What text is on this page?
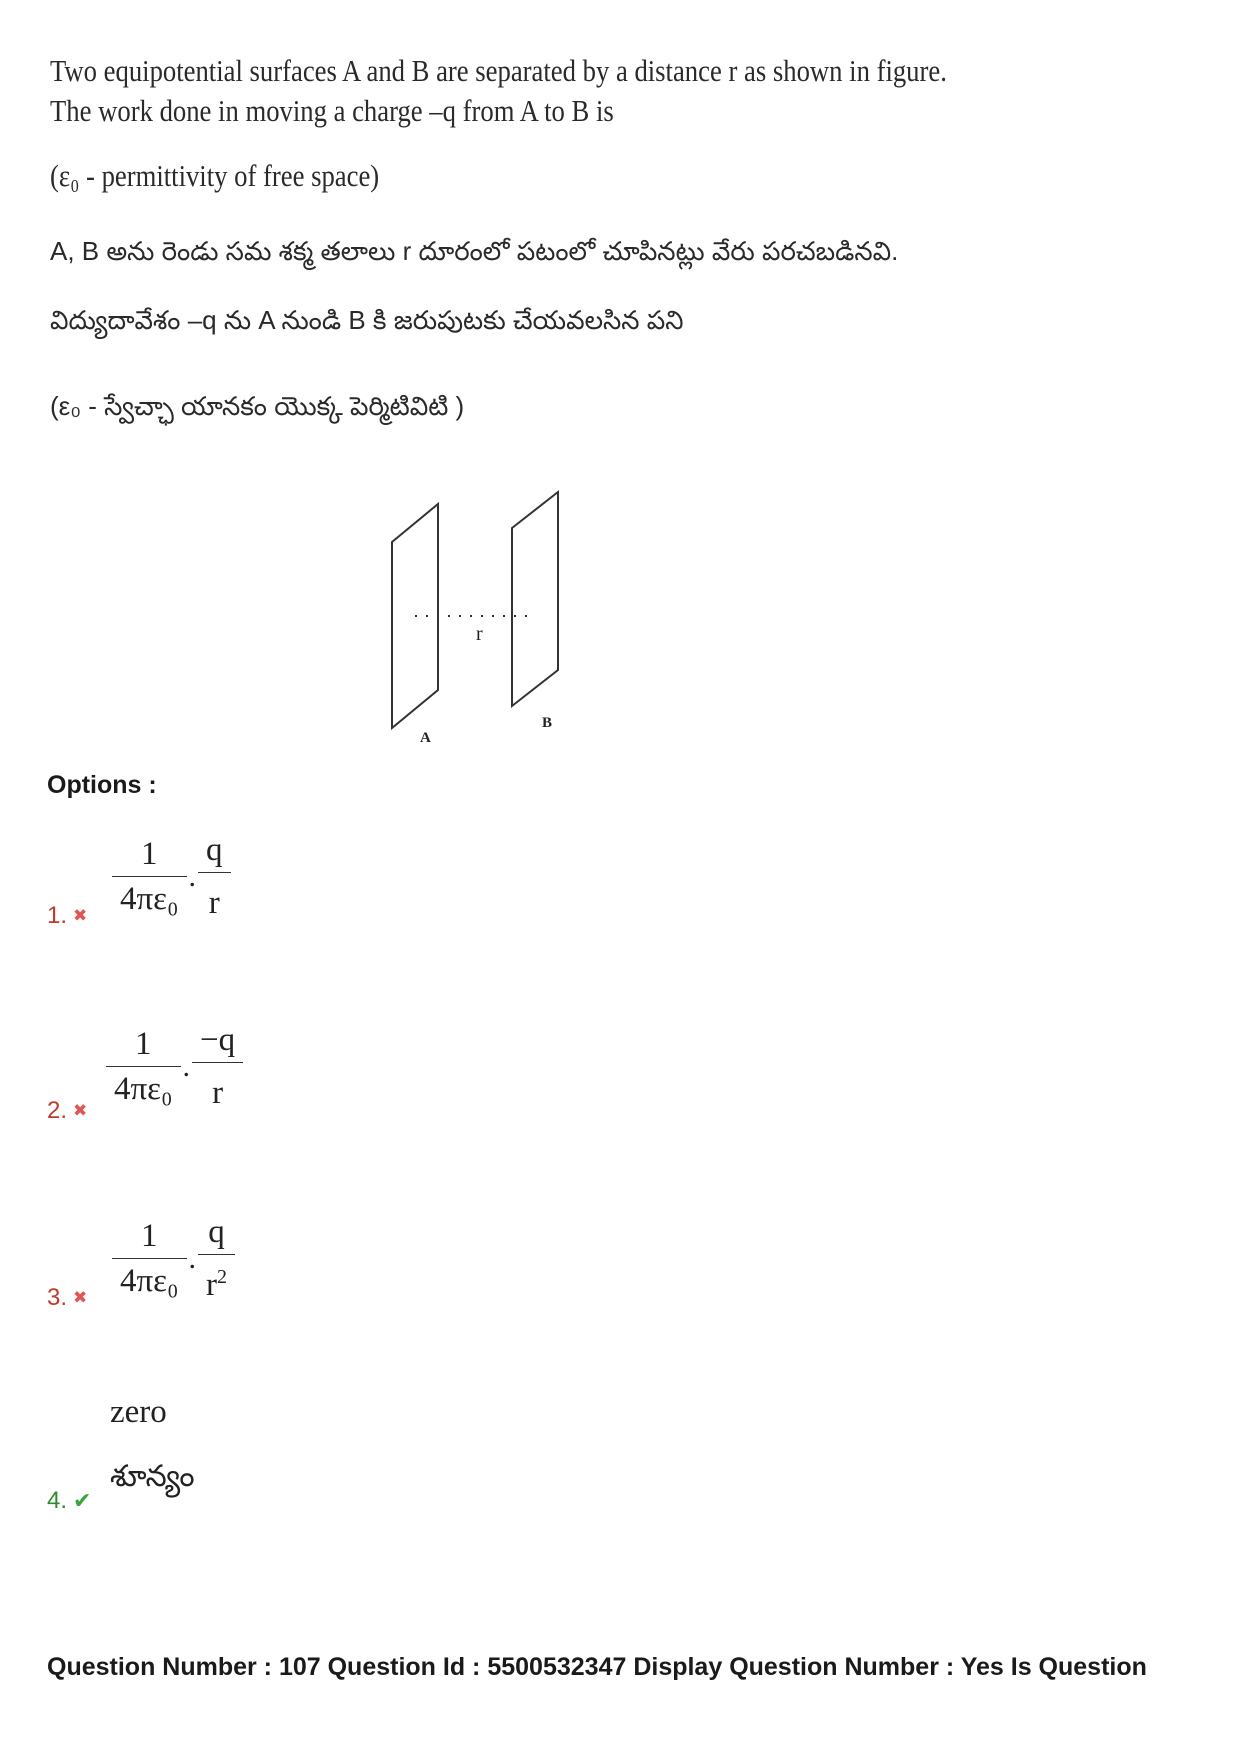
Two equipotential surfaces A and B are separated by a distance r as shown in figure.
The work done in moving a charge –q from A to B is
(ε₀ - permittivity of free space)
A, B అను రెండు సమ శక్మ తలాలు r దూరంలో పటంలో చూపినట్లు వేరు పరచబడినవి.
విద్యుదావేశం –q ను A నుండి B కి జరుపుటకు చేయవలసిన పని
(ε₀ - స్వేచ్ఛా యానకం యొక్క పెర్మిటివిటి )
r
A
B
Options :
$\frac{1}{\text{4πε₀}}$ . $\frac{q}{r}$
1. ✖
$\frac{1}{\text{4πε₀}}$ . $\frac{-q}{r}$
2. ✖
$\frac{1}{\text{4πε₀}}$ . $\frac{q}{r^2}$
3. ✖
zero
శూన్యం
4. ✔
Question Number : 107 Question Id : 5500532347 Display Question Number : Yes Is Question
